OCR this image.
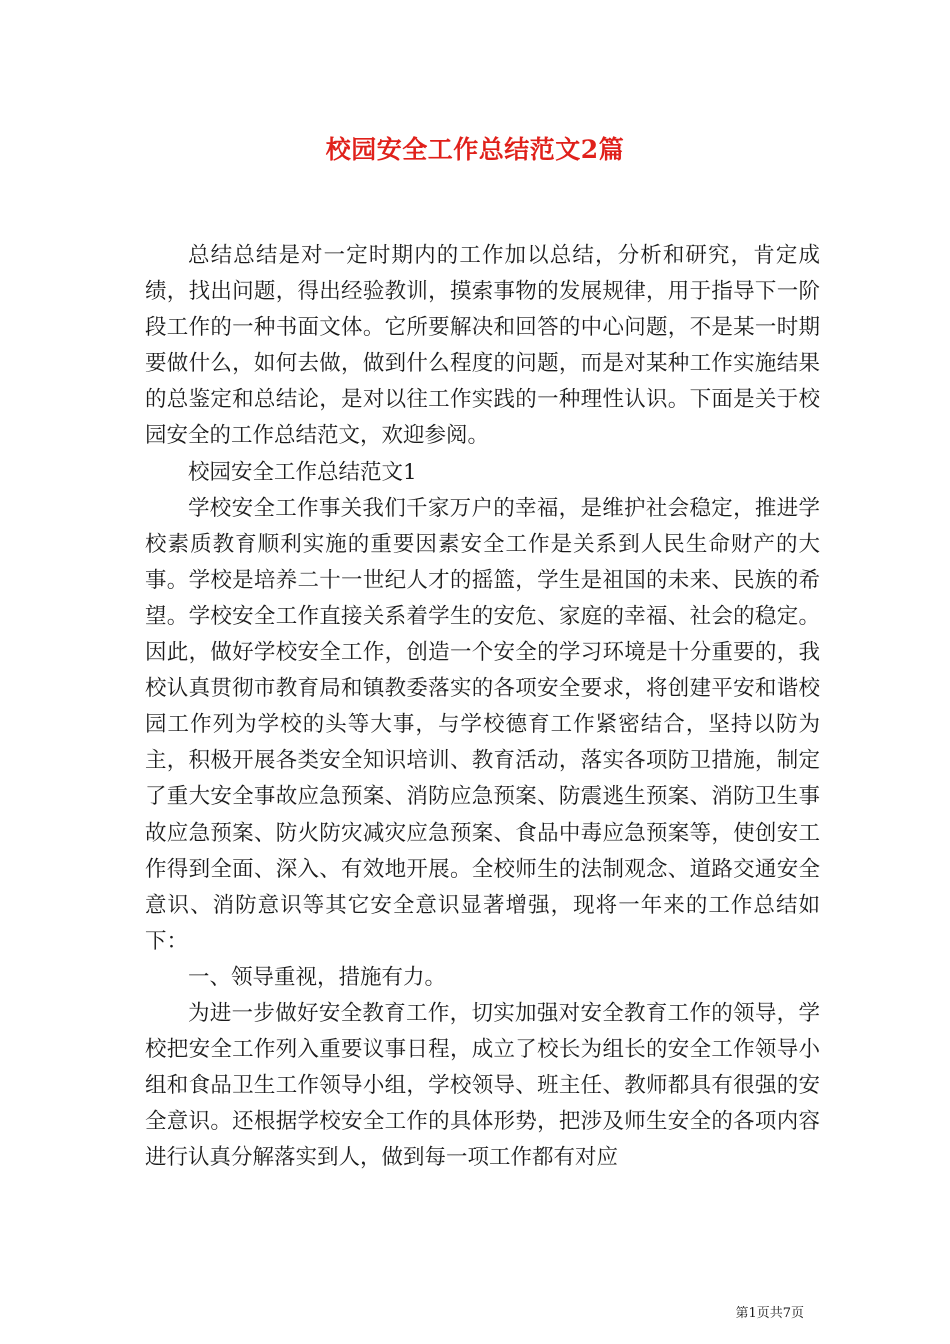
校园安全工作总结范文2篇

总结总结是对一定时期内的工作加以总结，分析和研究，肯定成绩，找出问题，得出经验教训，摸索事物的发展规律，用于指导下一阶段工作的一种书面文体。它所要解决和回答的中心问题，不是某一时期要做什么，如何去做，做到什么程度的问题，而是对某种工作实施结果的总鉴定和总结论，是对以往工作实践的一种理性认识。下面是关于校园安全的工作总结范文，欢迎参阅。

校园安全工作总结范文1

学校安全工作事关我们千家万户的幸福，是维护社会稳定，推进学校素质教育顺利实施的重要因素安全工作是关系到人民生命财产的大事。学校是培养二十一世纪人才的摇篮，学生是祖国的未来、民族的希望。学校安全工作直接关系着学生的安危、家庭的幸福、社会的稳定。因此，做好学校安全工作，创造一个安全的学习环境是十分重要的，我校认真贯彻市教育局和镇教委落实的各项安全要求，将创建平安和谐校园工作列为学校的头等大事，与学校德育工作紧密结合，坚持以防为主，积极开展各类安全知识培训、教育活动，落实各项防卫措施，制定了重大安全事故应急预案、消防应急预案、防震逃生预案、消防卫生事故应急预案、防火防灾减灾应急预案、食品中毒应急预案等，使创安工作得到全面、深入、有效地开展。全校师生的法制观念、道路交通安全意识、消防意识等其它安全意识显著增强，现将一年来的工作总结如下：

一、领导重视，措施有力。

为进一步做好安全教育工作，切实加强对安全教育工作的领导，学校把安全工作列入重要议事日程，成立了校长为组长的安全工作领导小组和食品卫生工作领导小组，学校领导、班主任、教师都具有很强的安全意识。还根据学校安全工作的具体形势，把涉及师生安全的各项内容进行认真分解落实到人，做到每一项工作都有对应

第1页共7页
